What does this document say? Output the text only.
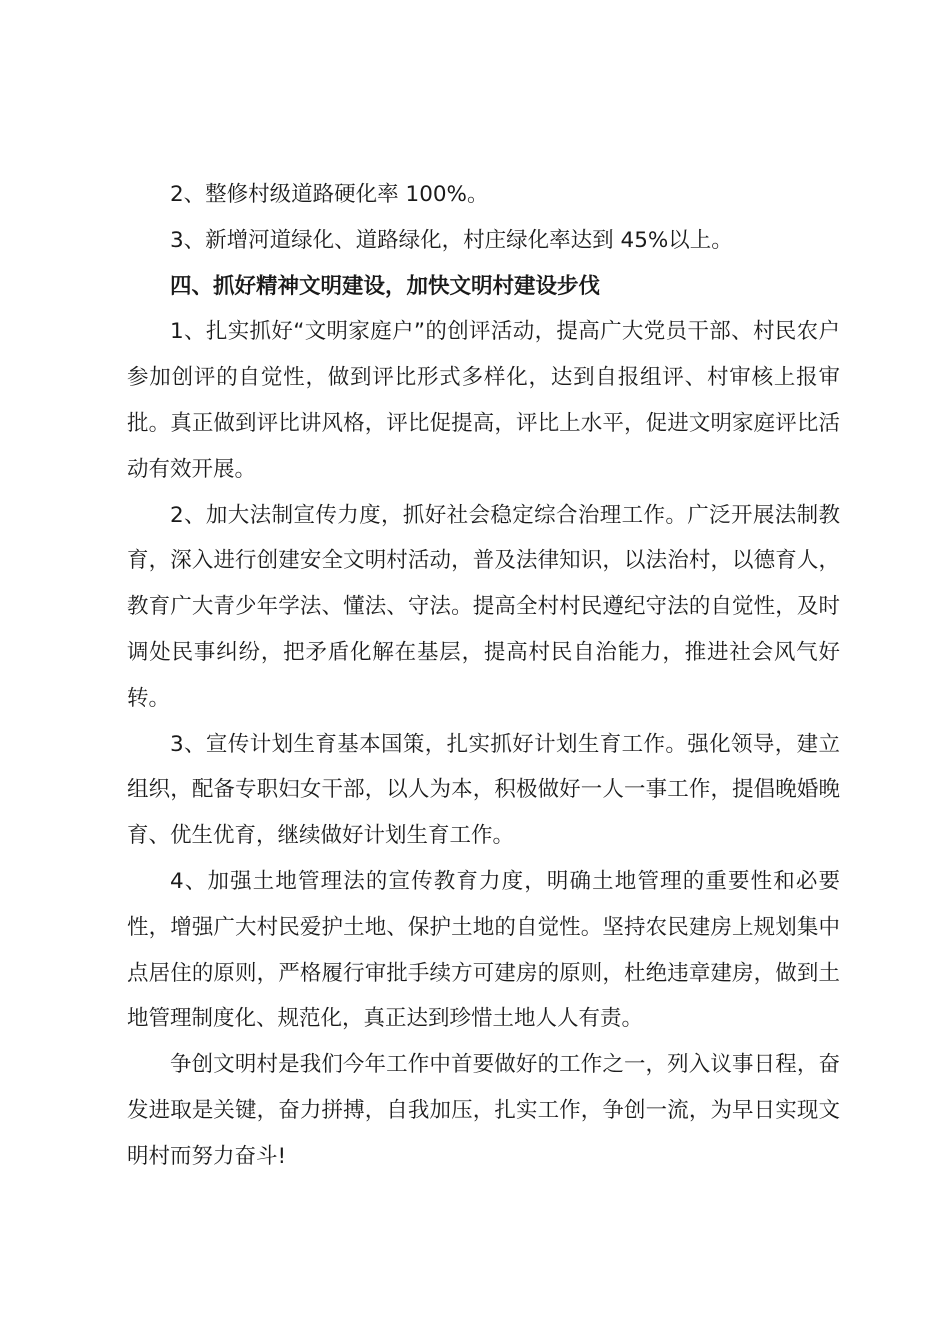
2、整修村级道路硬化率 100%。

3、新增河道绿化、道路绿化，村庄绿化率达到 45%以上。

四、抓好精神文明建设，加快文明村建设步伐

1、扎实抓好“文明家庭户”的创评活动，提高广大党员干部、村民农户参加创评的自觉性，做到评比形式多样化，达到自报组评、村审核上报审批。真正做到评比讲风格，评比促提高，评比上水平，促进文明家庭评比活动有效开展。

2、加大法制宣传力度，抓好社会稳定综合治理工作。广泛开展法制教育，深入进行创建安全文明村活动，普及法律知识，以法治村，以德育人，教育广大青少年学法、懂法、守法。提高全村村民遵纪守法的自觉性，及时调处民事纠纷，把矛盾化解在基层，提高村民自治能力，推进社会风气好转。

3、宣传计划生育基本国策，扎实抓好计划生育工作。强化领导，建立组织，配备专职妇女干部，以人为本，积极做好一人一事工作，提倡晚婚晚育、优生优育，继续做好计划生育工作。

4、加强土地管理法的宣传教育力度，明确土地管理的重要性和必要性，增强广大村民爱护土地、保护土地的自觉性。坚持农民建房上规划集中点居住的原则，严格履行审批手续方可建房的原则，杜绝违章建房，做到土地管理制度化、规范化，真正达到珍惜土地人人有责。

争创文明村是我们今年工作中首要做好的工作之一，列入议事日程，奋发进取是关键，奋力拼搏，自我加压，扎实工作，争创一流，为早日实现文明村而努力奋斗!
